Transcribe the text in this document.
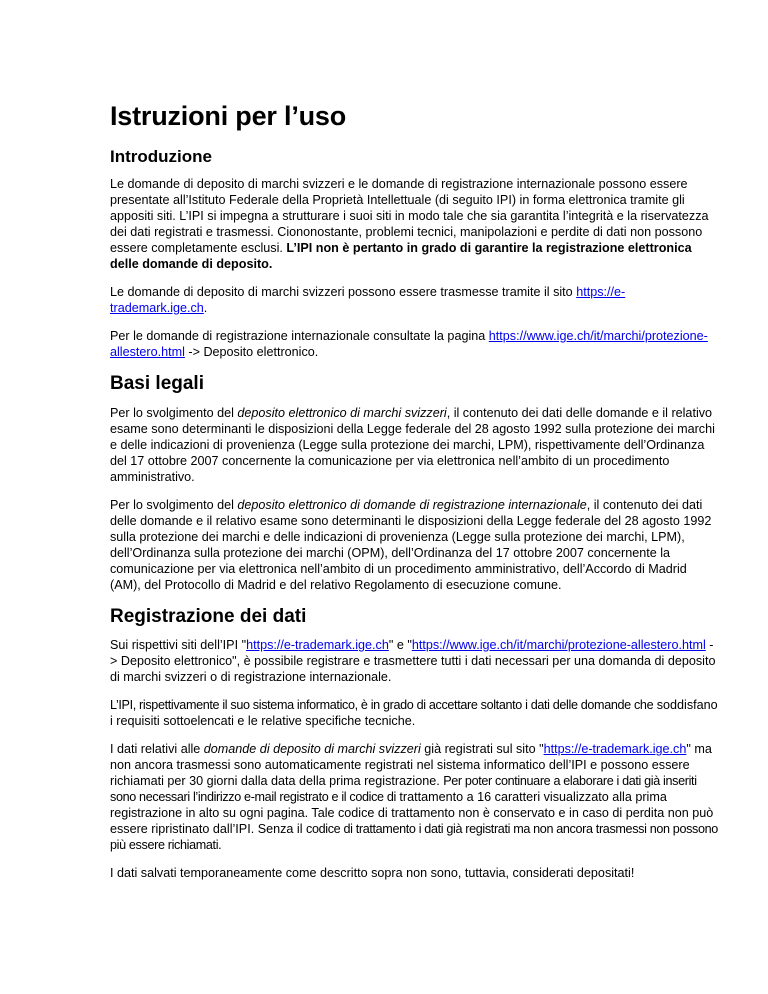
Istruzioni per l’uso
Introduzione

Le domande di deposito di marchi svizzeri e le domande di registrazione internazionale possono essere presentate all’Istituto Federale della Proprietà Intellettuale (di seguito IPI) in forma elettronica tramite gli appositi siti. L’IPI si impegna a strutturare i suoi siti in modo tale che sia garantita l’integrità e la riservatezza dei dati registrati e trasmessi. Ciononostante, problemi tecnici, manipolazioni e perdite di dati non possono essere completamente esclusi. L’IPI non è pertanto in grado di garantire la registrazione elettronica delle domande di deposito.

Le domande di deposito di marchi svizzeri possono essere trasmesse tramite il sito https://e-trademark.ige.ch.

Per le domande di registrazione internazionale consultate la pagina https://www.ige.ch/it/marchi/protezione-allestero.html -> Deposito elettronico.

Basi legali

Per lo svolgimento del deposito elettronico di marchi svizzeri, il contenuto dei dati delle domande e il relativo esame sono determinanti le disposizioni della Legge federale del 28 agosto 1992 sulla protezione dei marchi e delle indicazioni di provenienza (Legge sulla protezione dei marchi, LPM), rispettivamente dell’Ordinanza del 17 ottobre 2007 concernente la comunicazione per via elettronica nell’ambito di un procedimento amministrativo.

Per lo svolgimento del deposito elettronico di domande di registrazione internazionale, il contenuto dei dati delle domande e il relativo esame sono determinanti le disposizioni della Legge federale del 28 agosto 1992 sulla protezione dei marchi e delle indicazioni di provenienza (Legge sulla protezione dei marchi, LPM), dell’Ordinanza sulla protezione dei marchi (OPM), dell’Ordinanza del 17 ottobre 2007 concernente la comunicazione per via elettronica nell’ambito di un procedimento amministrativo, dell’Accordo di Madrid (AM), del Protocollo di Madrid e del relativo Regolamento di esecuzione comune.

Registrazione dei dati

Sui rispettivi siti dell’IPI "https://e-trademark.ige.ch" e "https://www.ige.ch/it/marchi/protezione-allestero.html -> Deposito elettronico", è possibile registrare e trasmettere tutti i dati necessari per una domanda di deposito di marchi svizzeri o di registrazione internazionale.

L’IPI, rispettivamente il suo sistema informatico, è in grado di accettare soltanto i dati delle domande che soddisfano i requisiti sottoelencati e le relative specifiche tecniche.

I dati relativi alle domande di deposito di marchi svizzeri già registrati sul sito "https://e-trademark.ige.ch" ma non ancora trasmessi sono automaticamente registrati nel sistema informatico dell’IPI e possono essere richiamati per 30 giorni dalla data della prima registrazione. Per poter continuare a elaborare i dati già inseriti sono necessari l’indirizzo e-mail registrato e il codice di trattamento a 16 caratteri visualizzato alla prima registrazione in alto su ogni pagina. Tale codice di trattamento non è conservato e in caso di perdita non può essere ripristinato dall’IPI. Senza il codice di trattamento i dati già registrati ma non ancora trasmessi non possono più essere richiamati.

I dati salvati temporaneamente come descritto sopra non sono, tuttavia, considerati depositati!
